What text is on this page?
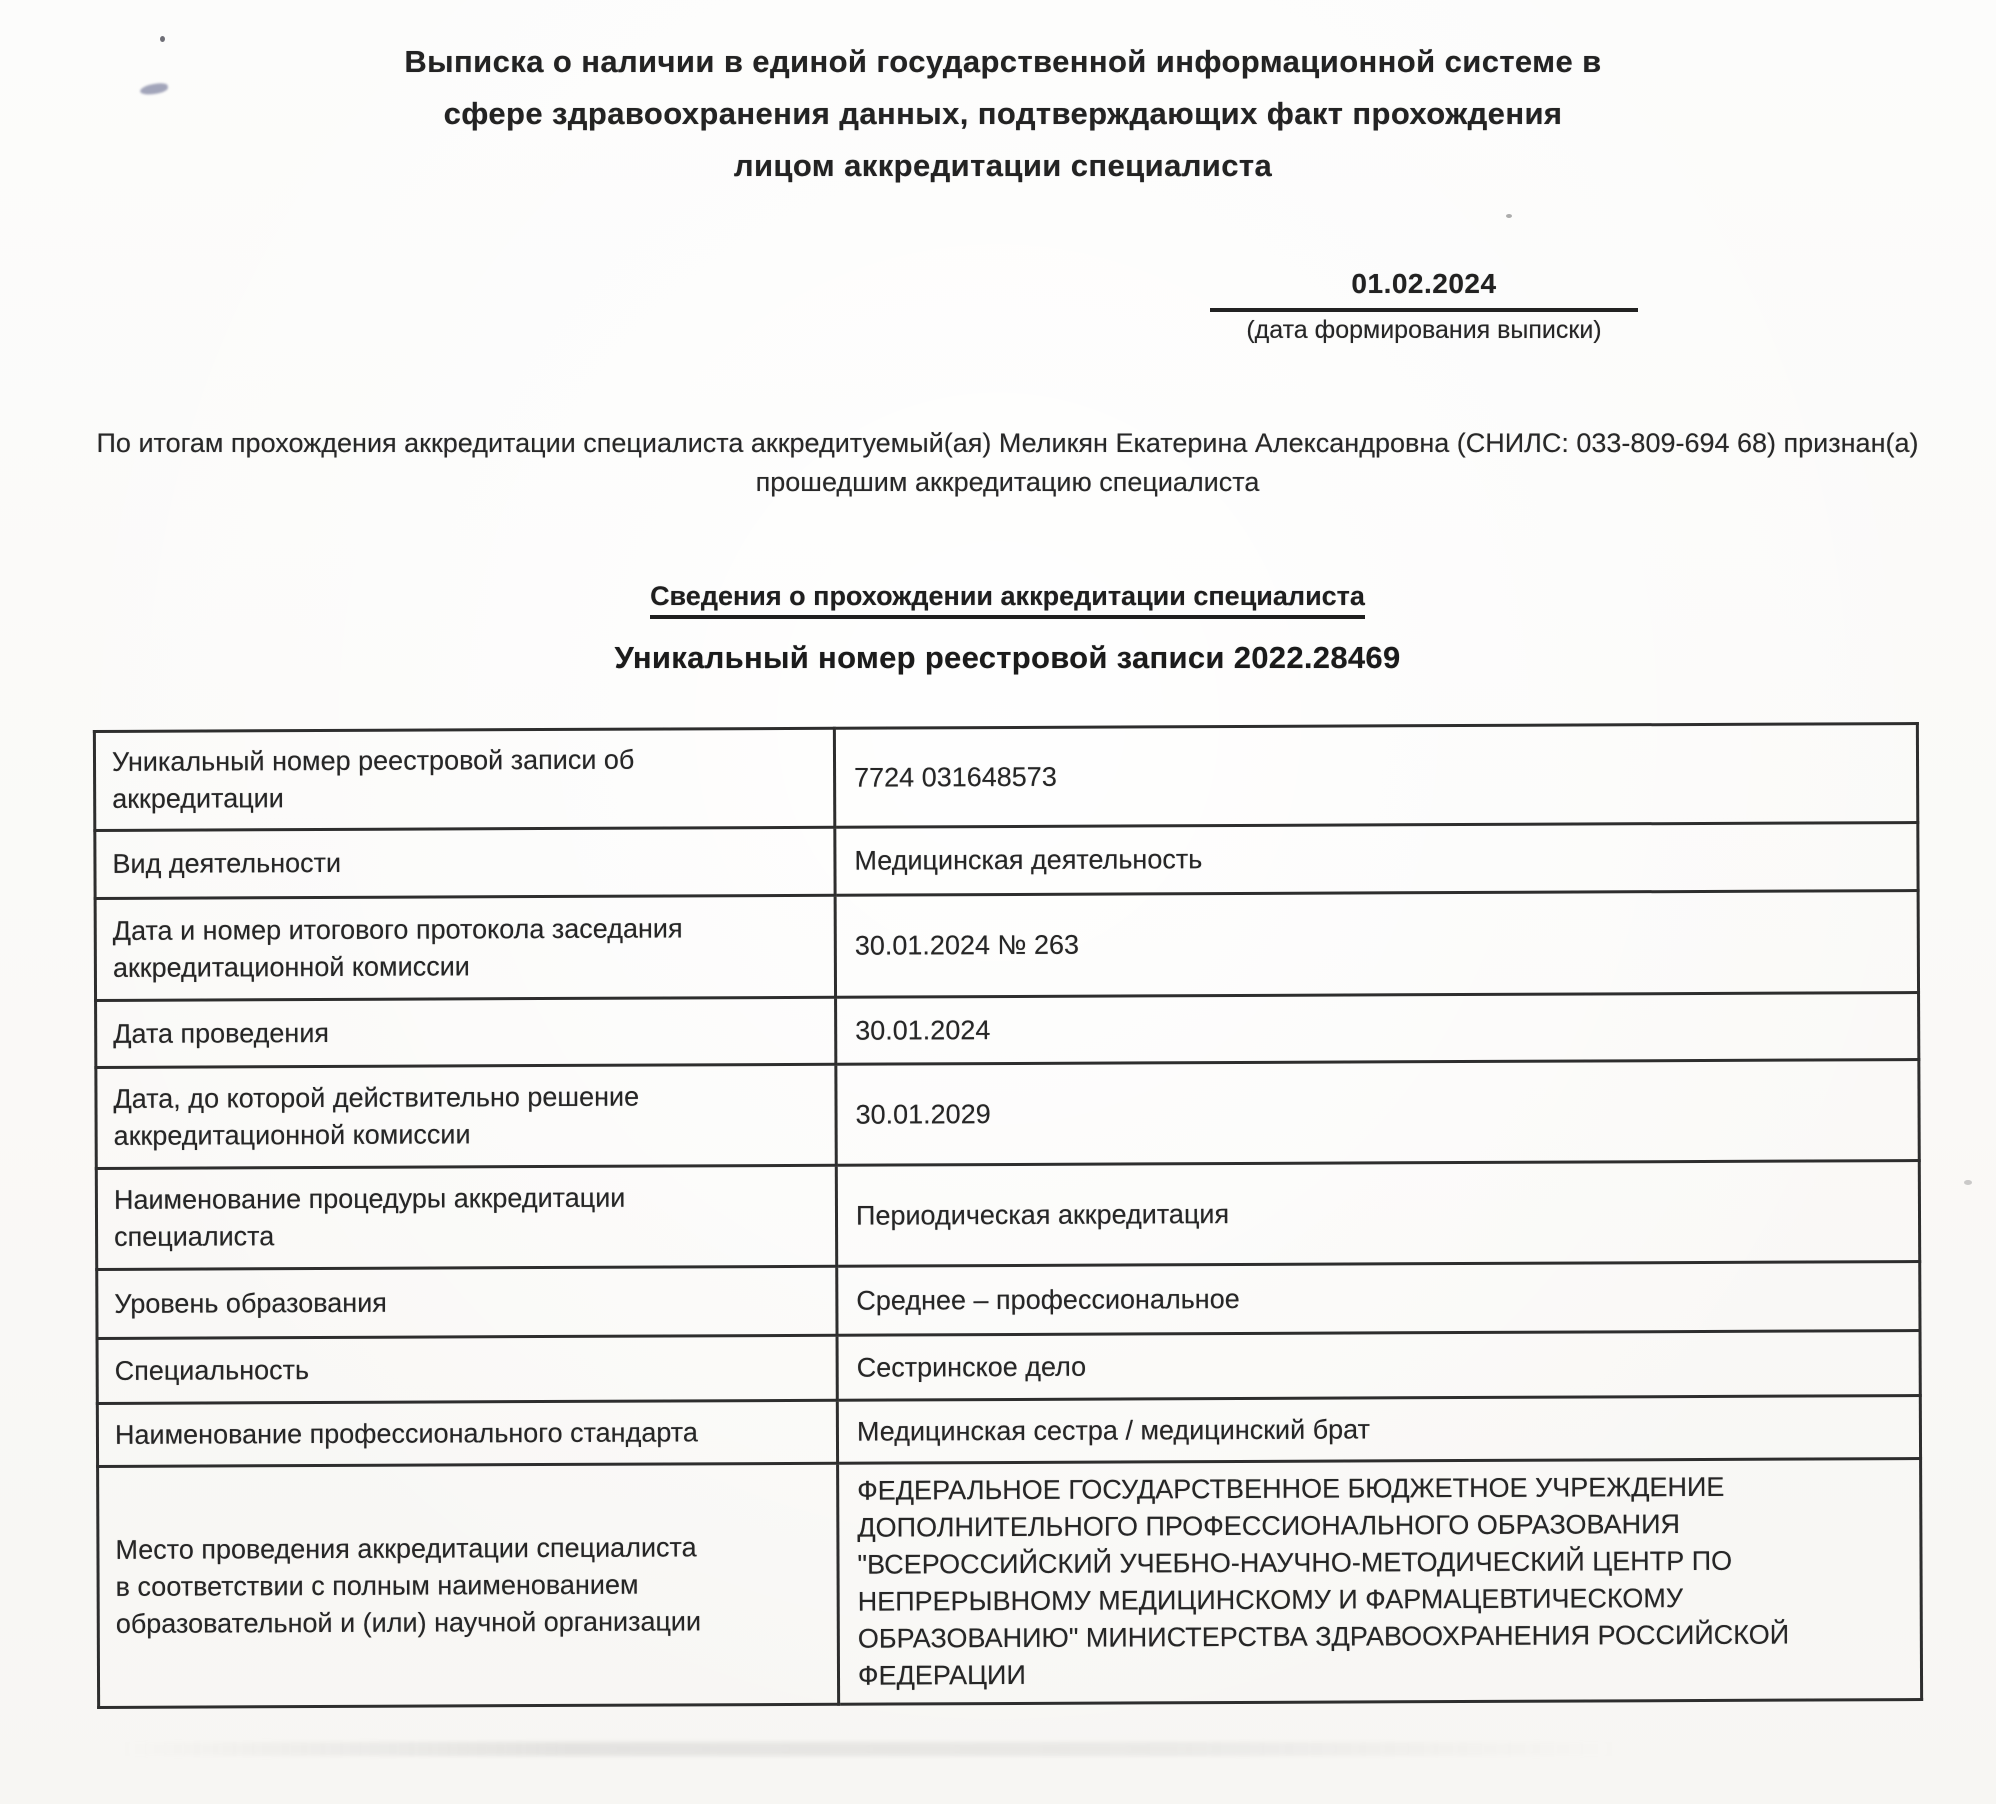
Выписка о наличии в единой государственной информационной системе в сфере здравоохранения данных, подтверждающих факт прохождения лицом аккредитации специалиста
01.02.2024
(дата формирования выписки)
По итогам прохождения аккредитации специалиста аккредитуемый(ая) Меликян Екатерина Александровна (СНИЛС: 033-809-694 68) признан(а) прошедшим аккредитацию специалиста
Сведения о прохождении аккредитации специалиста
Уникальный номер реестровой записи 2022.28469
Уникальный номер реестровой записи об аккредитации	7724 031648573
Вид деятельности	Медицинская деятельность
Дата и номер итогового протокола заседания аккредитационной комиссии	30.01.2024 № 263
Дата проведения	30.01.2024
Дата, до которой действительно решение аккредитационной комиссии	30.01.2029
Наименование процедуры аккредитации специалиста	Периодическая аккредитация
Уровень образования	Среднее – профессиональное
Специальность	Сестринское дело
Наименование профессионального стандарта	Медицинская сестра / медицинский брат
Место проведения аккредитации специалиста в соответствии с полным наименованием образовательной и (или) научной организации	ФЕДЕРАЛЬНОЕ ГОСУДАРСТВЕННОЕ БЮДЖЕТНОЕ УЧРЕЖДЕНИЕ ДОПОЛНИТЕЛЬНОГО ПРОФЕССИОНАЛЬНОГО ОБРАЗОВАНИЯ "ВСЕРОССИЙСКИЙ УЧЕБНО-НАУЧНО-МЕТОДИЧЕСКИЙ ЦЕНТР ПО НЕПРЕРЫВНОМУ МЕДИЦИНСКОМУ И ФАРМАЦЕВТИЧЕСКОМУ ОБРАЗОВАНИЮ" МИНИСТЕРСТВА ЗДРАВООХРАНЕНИЯ РОССИЙСКОЙ ФЕДЕРАЦИИ
